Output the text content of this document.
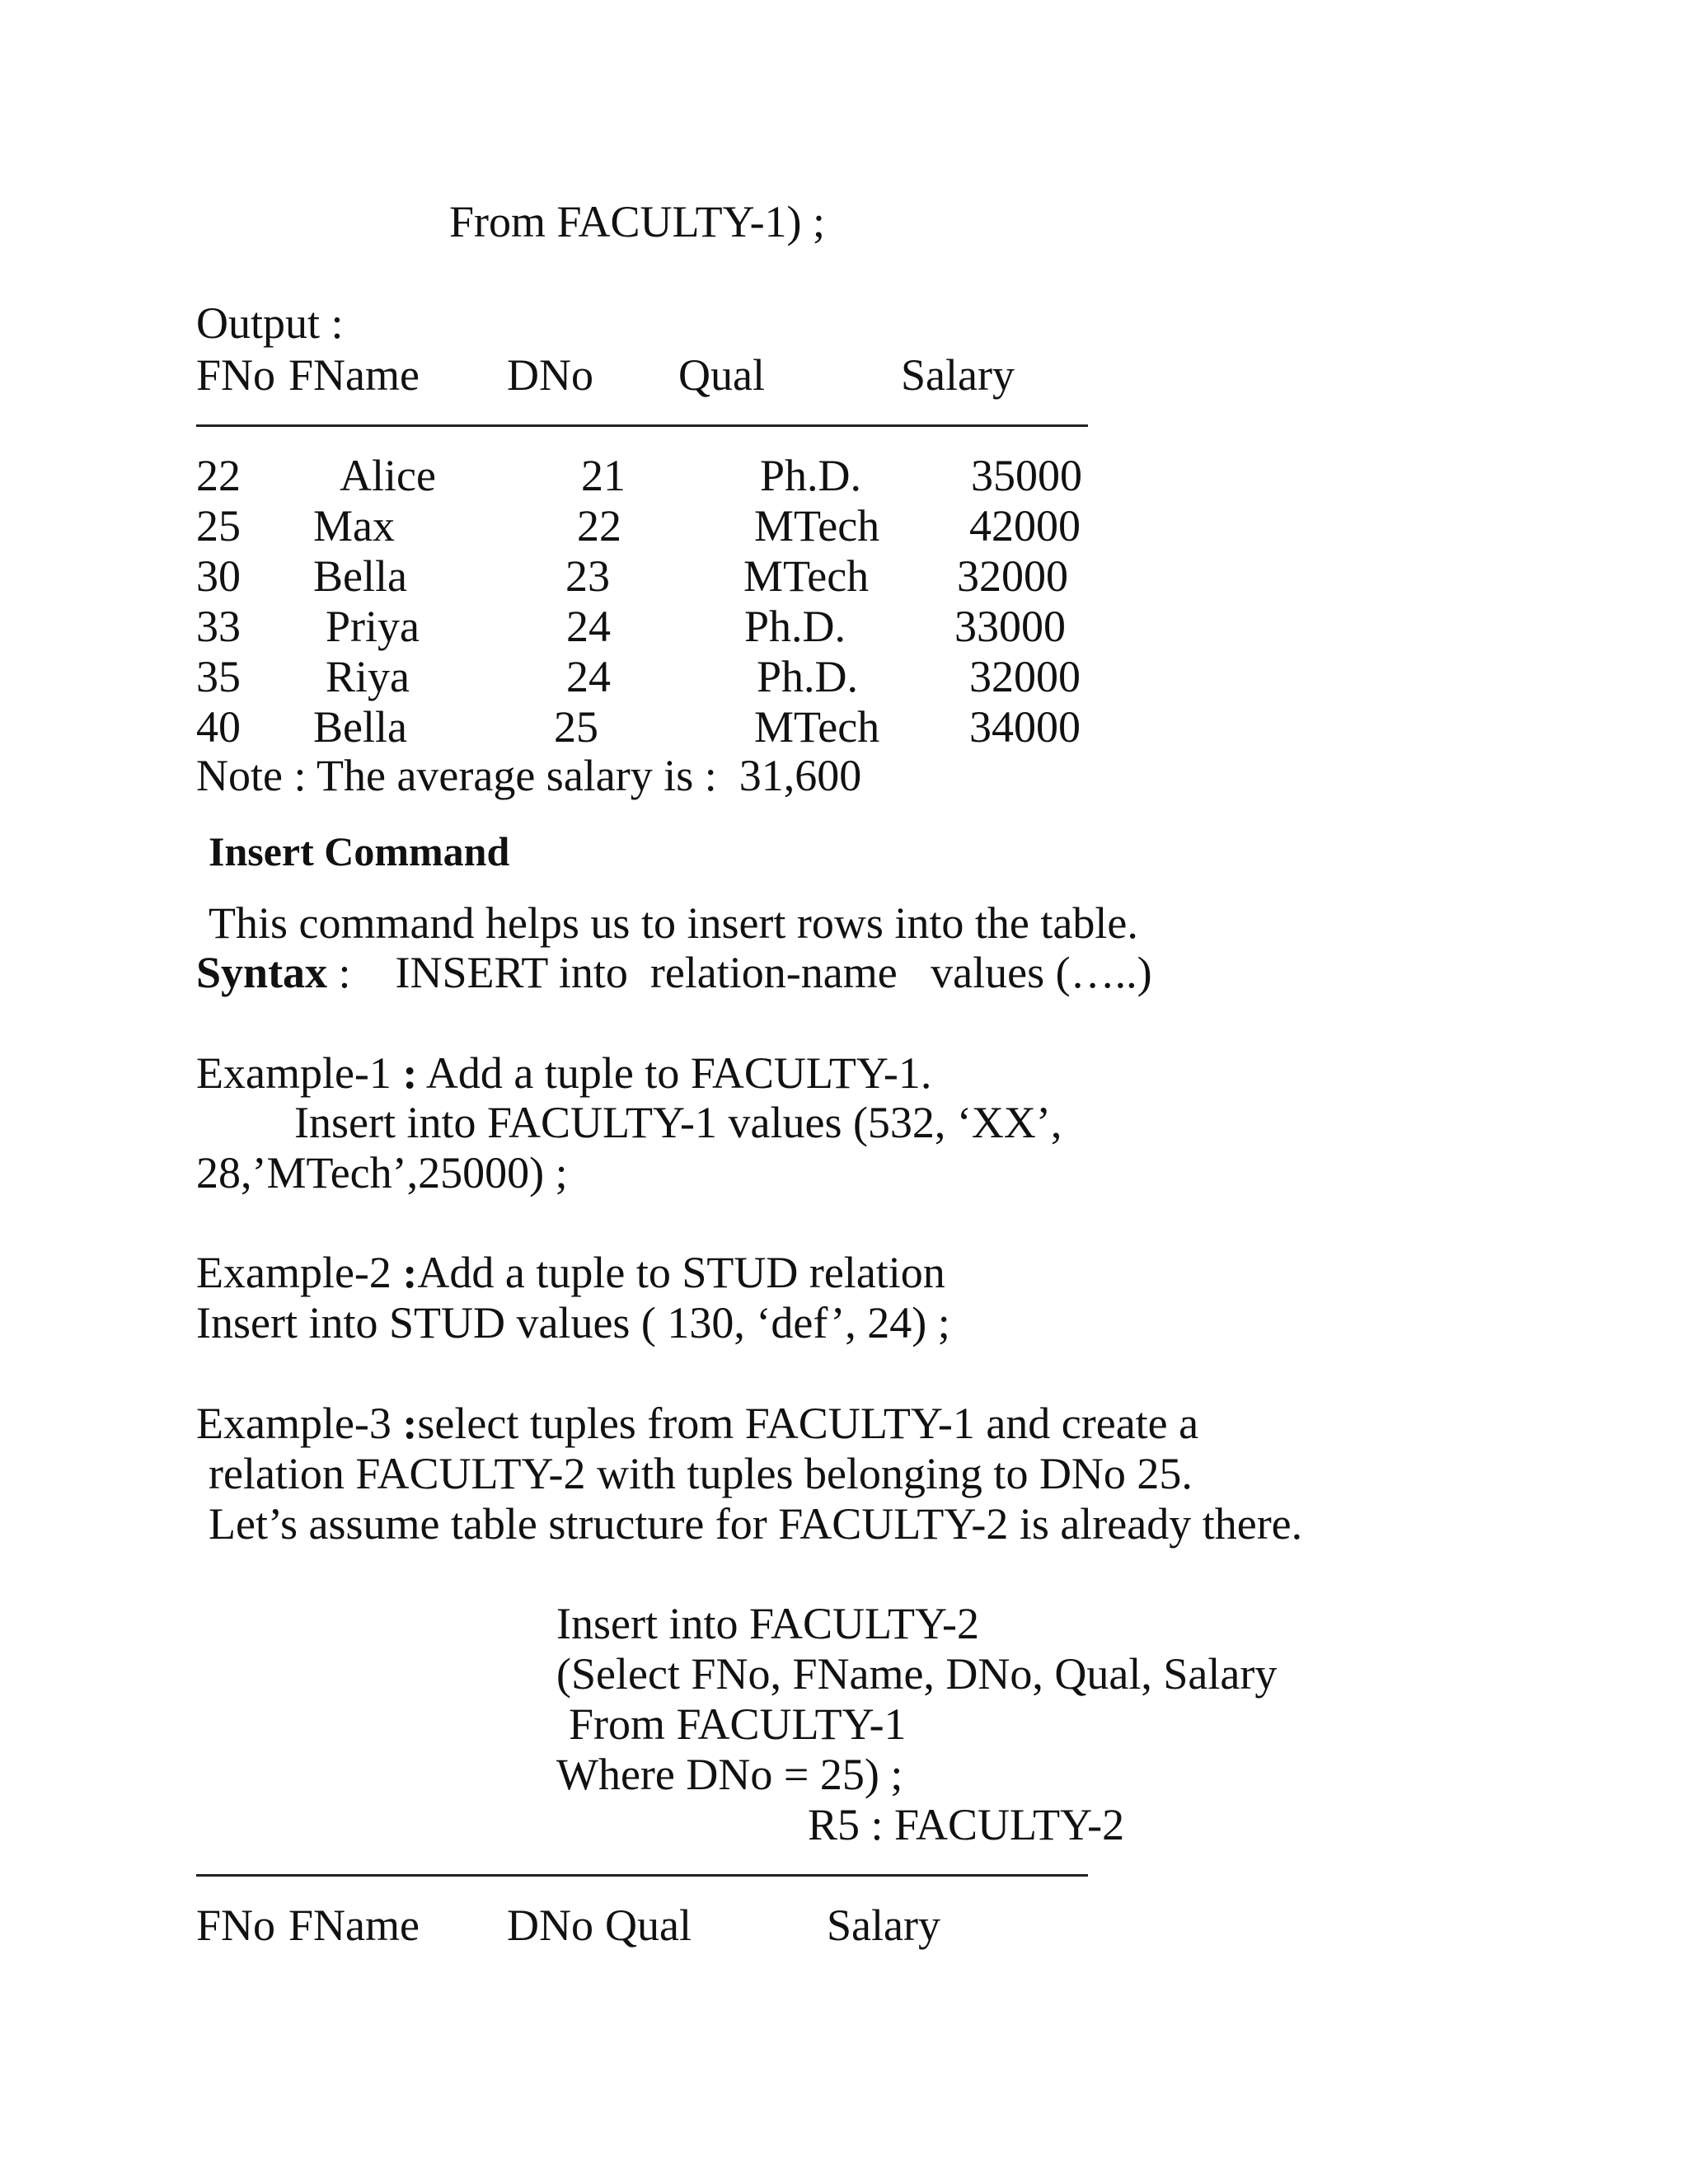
From FACULTY-1) ;
Output :
FNo FName DNo Qual	Salary
22 Alice	21	Ph.D. 35000
25 Max	22	MTech 42000
30 Bella	23	MTech 32000
33 Priya	24	Ph.D. 33000
35 Riya	24	Ph.D. 32000
40 Bella	25	MTech 34000
Note : The average salary is :  31,600
Insert Command
This command helps us to insert rows into the table.
Syntax :    INSERT into  relation-name   values (…..)
Example-1 : Add a tuple to FACULTY-1.
Insert into FACULTY-1 values (532, ‘XX’,
28,’MTech’,25000) ;
Example-2 :Add a tuple to STUD relation
Insert into STUD values ( 130, ‘def’, 24) ;
Example-3 :select tuples from FACULTY-1 and create a
relation FACULTY-2 with tuples belonging to DNo 25.
Let’s assume table structure for FACULTY-2 is already there.
Insert into FACULTY-2
(Select FNo, FName, DNo, Qual, Salary
From FACULTY-1
Where DNo = 25) ;
R5 : FACULTY-2
FNo FName DNo Qual	Salary
